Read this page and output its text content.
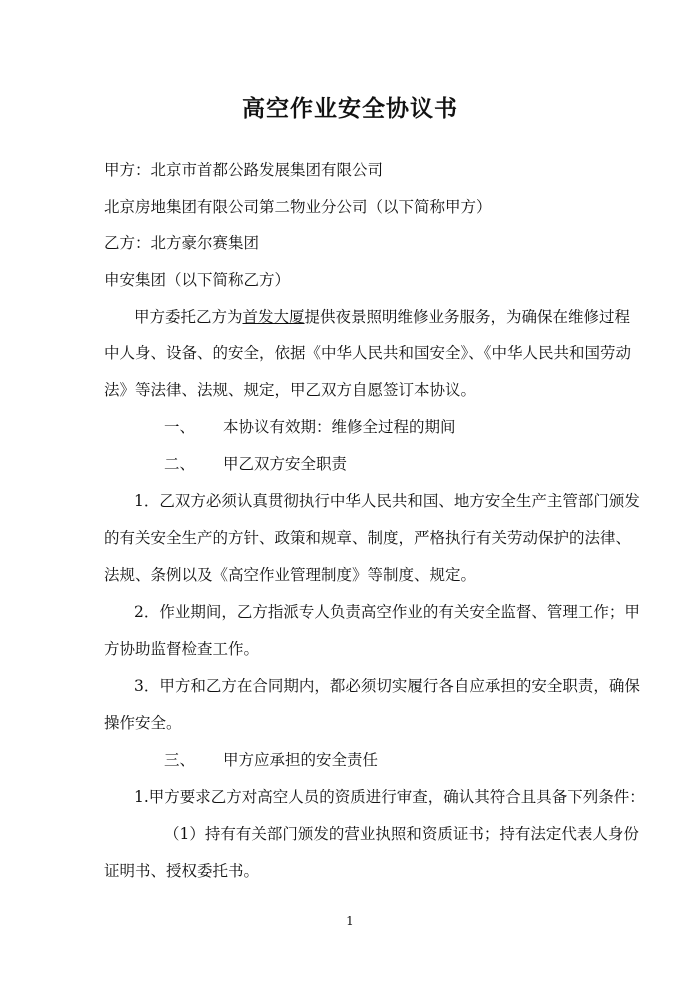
高空作业安全协议书
甲方：北京市首都公路发展集团有限公司
北京房地集团有限公司第二物业分公司（以下简称甲方）
乙方：北方豪尔赛集团
申安集团（以下简称乙方）
甲方委托乙方为首发大厦提供夜景照明维修业务服务，为确保在维修过程
中人身、设备、的安全，依据《中华人民共和国安全》、《中华人民共和国劳动
法》等法律、法规、规定，甲乙双方自愿签订本协议。
一、 本协议有效期：维修全过程的期间
二、 甲乙双方安全职责
1．乙双方必须认真贯彻执行中华人民共和国、地方安全生产主管部门颁发
的有关安全生产的方针、政策和规章、制度，严格执行有关劳动保护的法律、
法规、条例以及《高空作业管理制度》等制度、规定。
2．作业期间，乙方指派专人负责高空作业的有关安全监督、管理工作；甲
方协助监督检查工作。
3．甲方和乙方在合同期内，都必须切实履行各自应承担的安全职责，确保
操作安全。
三、 甲方应承担的安全责任
1.甲方要求乙方对高空人员的资质进行审查，确认其符合且具备下列条件：
（1）持有有关部门颁发的营业执照和资质证书；持有法定代表人身份
证明书、授权委托书。
1
